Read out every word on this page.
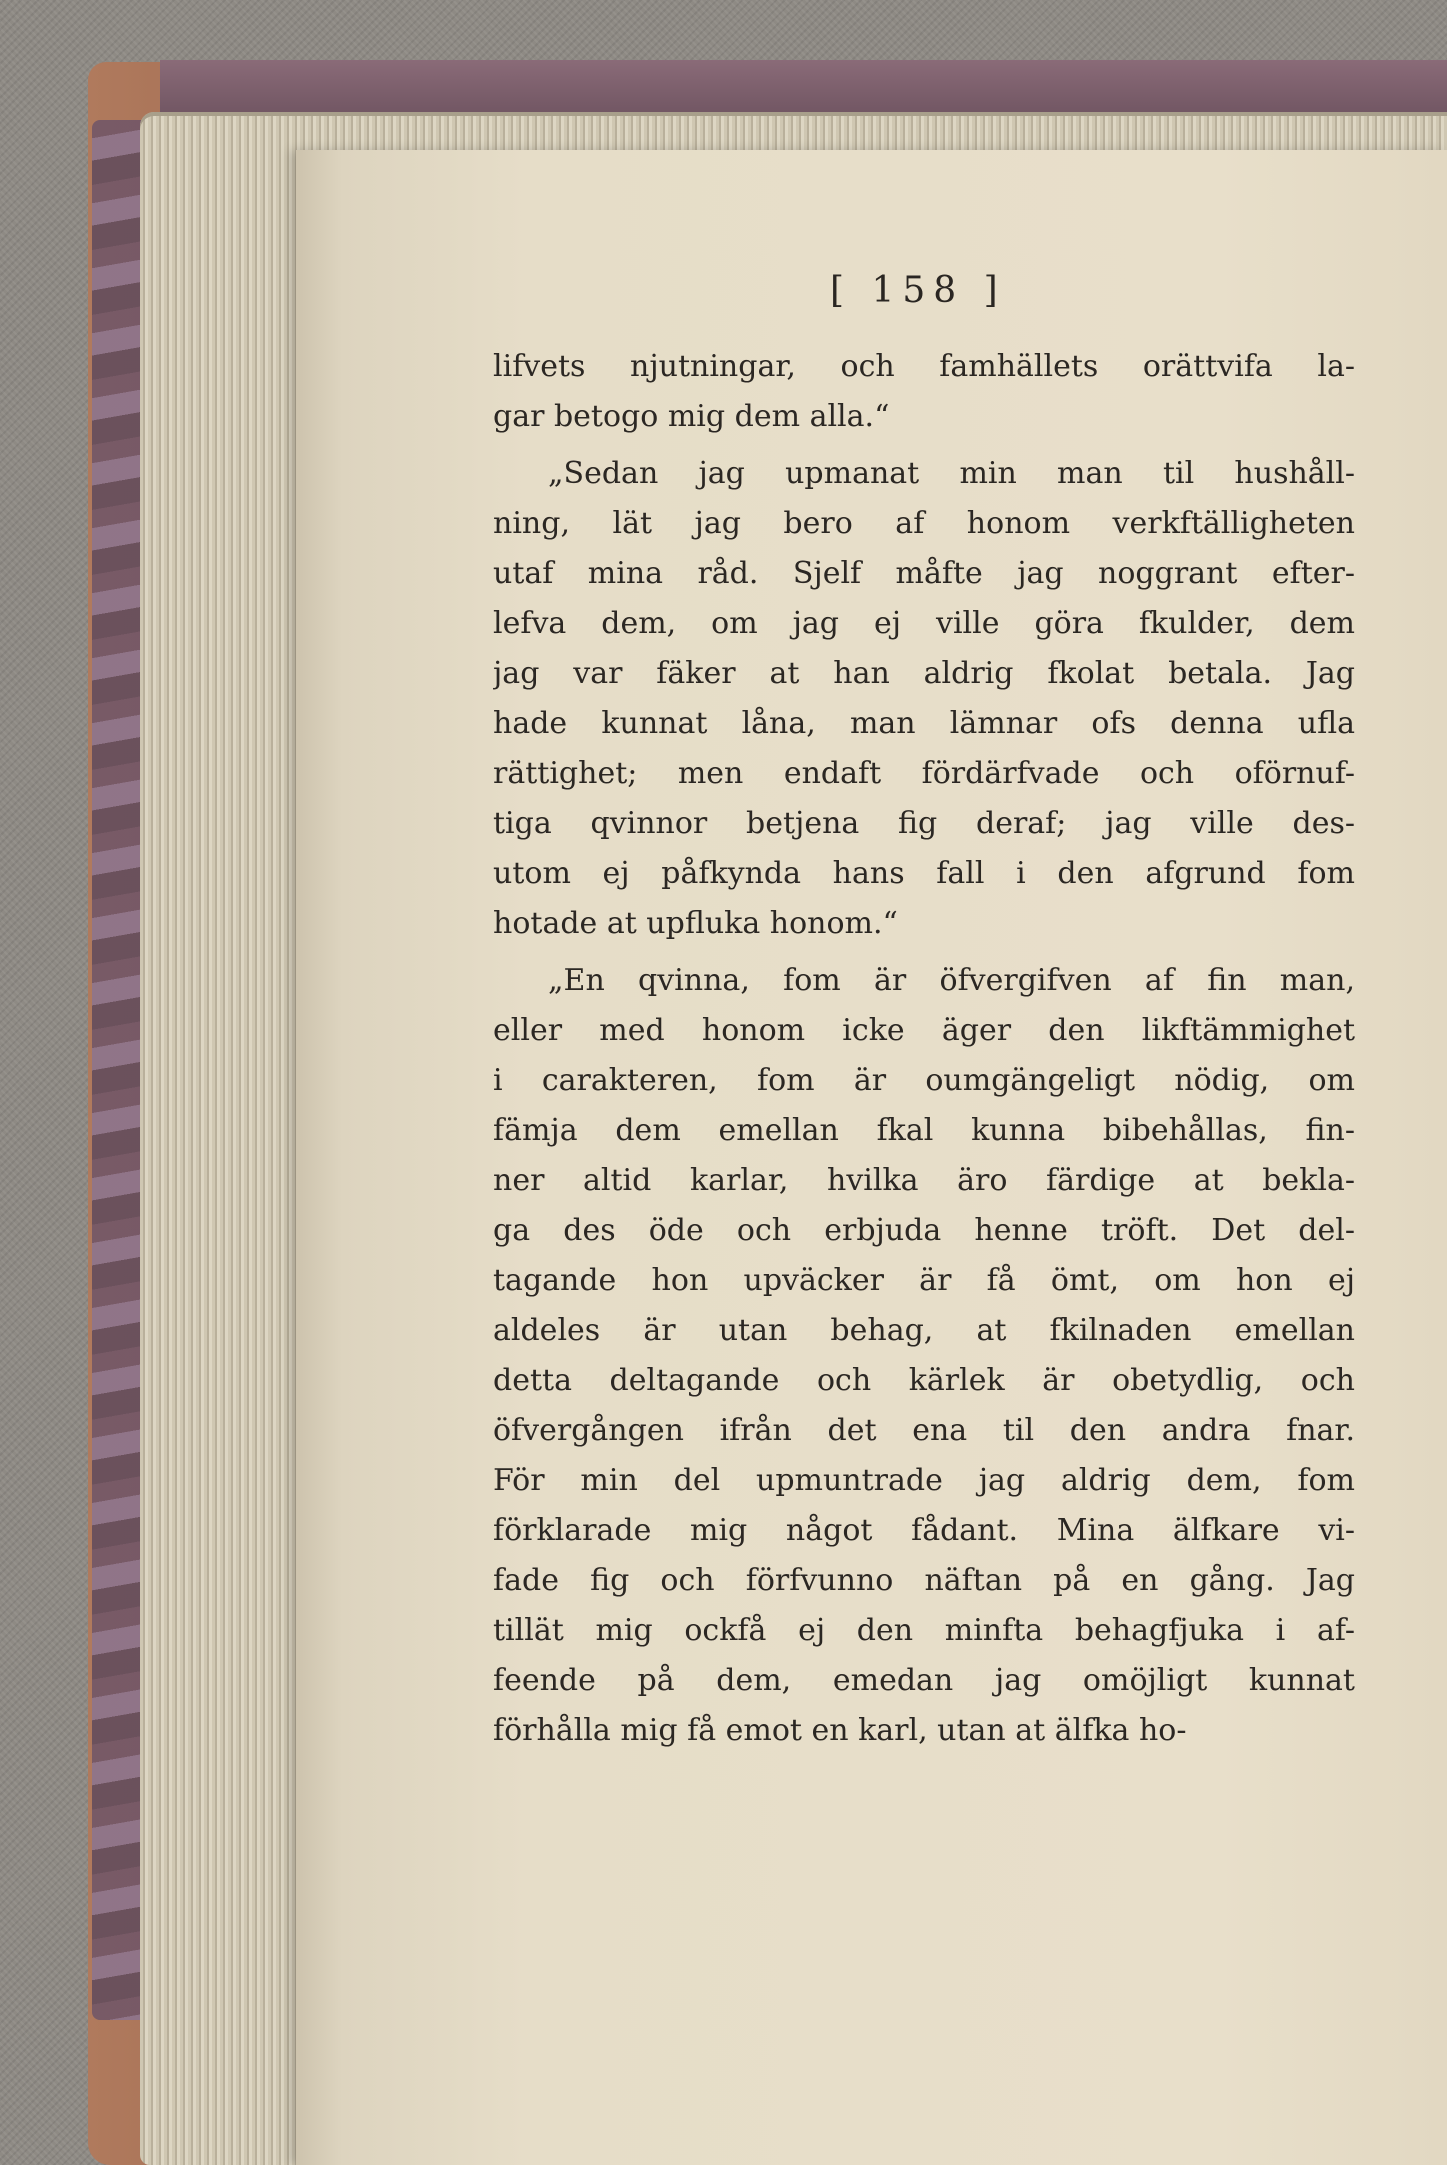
[ 158 ]
lifvets njutningar, och famhällets orättvifa la-
gar betogo mig dem alla.“
„Sedan jag upmanat min man til hushåll-
ning, lät jag bero af honom verkftälligheten
utaf mina råd. Sjelf måfte jag noggrant efter-
lefva dem, om jag ej ville göra fkulder, dem
jag var fäker at han aldrig fkolat betala. Jag
hade kunnat låna, man lämnar ofs denna ufla
rättighet; men endaft fördärfvade och oförnuf-
tiga qvinnor betjena fig deraf; jag ville des-
utom ej påfkynda hans fall i den afgrund fom
hotade at upfluka honom.“
„En qvinna, fom är öfvergifven af fin man,
eller med honom icke äger den likftämmighet
i carakteren, fom är oumgängeligt nödig, om
fämja dem emellan fkal kunna bibehållas, fin-
ner altid karlar, hvilka äro färdige at bekla-
ga des öde och erbjuda henne tröft. Det del-
tagande hon upväcker är få ömt, om hon ej
aldeles är utan behag, at fkilnaden emellan
detta deltagande och kärlek är obetydlig, och
öfvergången ifrån det ena til den andra fnar.
För min del upmuntrade jag aldrig dem, fom
förklarade mig något fådant. Mina älfkare vi-
fade fig och förfvunno näftan på en gång. Jag
tillät mig ockfå ej den minfta behagfjuka i af-
feende på dem, emedan jag omöjligt kunnat
förhålla mig få emot en karl, utan at älfka ho-
